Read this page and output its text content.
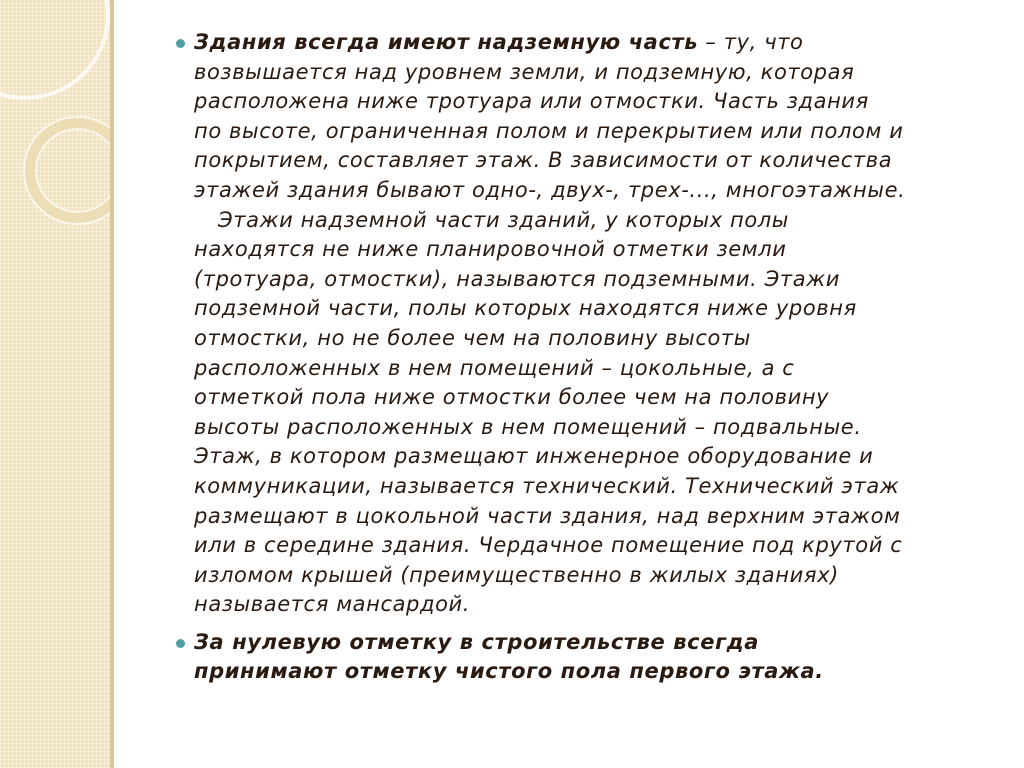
Здания всегда имеют надземную часть – ту, что
возвышается над уровнем земли, и подземную, которая
расположена ниже тротуара или отмостки. Часть здания
по высоте, ограниченная полом и перекрытием или полом и
покрытием, составляет этаж. В зависимости от количества
этажей здания бывают одно-, двух-, трех-..., многоэтажные.
Этажи надземной части зданий, у которых полы
находятся не ниже планировочной отметки земли
(тротуара, отмостки), называются подземными. Этажи
подземной части, полы которых находятся ниже уровня
отмостки, но не более чем на половину высоты
расположенных в нем помещений – цокольные, а с
отметкой пола ниже отмостки более чем на половину
высоты расположенных в нем помещений – подвальные.
Этаж, в котором размещают инженерное оборудование и
коммуникации, называется технический. Технический этаж
размещают в цокольной части здания, над верхним этажом
или в середине здания. Чердачное помещение под крутой с
изломом крышей (преимущественно в жилых зданиях)
называется мансардой.
За нулевую отметку в строительстве всегда
принимают отметку чистого пола первого этажа.
